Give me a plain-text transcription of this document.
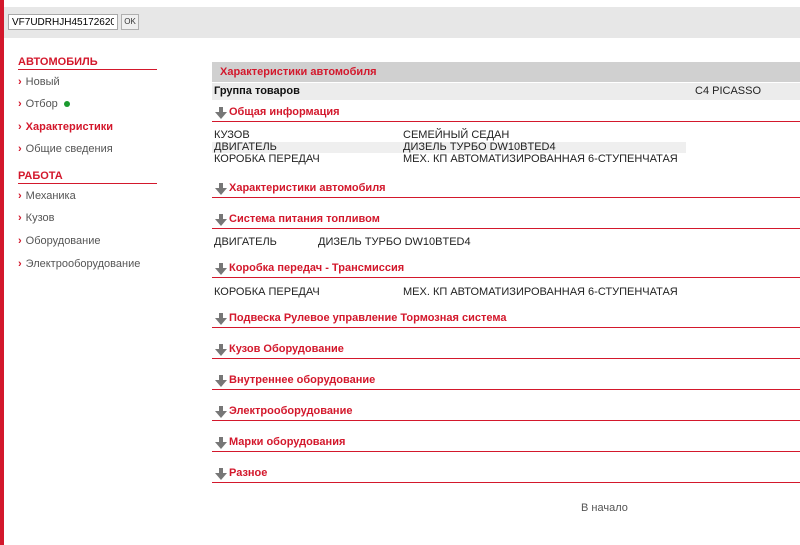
VF7UDRHJH45172620
OK
АВТОМОБИЛЬ
› Новый
› Отбор
› Характеристики
› Общие сведения
РАБОТА
› Механика
› Кузов
› Оборудование
› Электрооборудование
Характеристики автомобиля
Группа товаров	C4 PICASSO
Общая информация
КУЗОВ	СЕМЕЙНЫЙ СЕДАН
ДВИГАТЕЛЬ	ДИЗЕЛЬ ТУРБО DW10BTED4
КОРОБКА ПЕРЕДАЧ	МЕХ. КП АВТОМАТИЗИРОВАННАЯ 6-СТУПЕНЧАТАЯ
Характеристики автомобиля
Система питания топливом
ДВИГАТЕЛЬ	ДИЗЕЛЬ ТУРБО DW10BTED4
Коробка передач - Трансмиссия
КОРОБКА ПЕРЕДАЧ	МЕХ. КП АВТОМАТИЗИРОВАННАЯ 6-СТУПЕНЧАТАЯ
Подвеска Рулевое управление Тормозная система
Кузов Оборудование
Внутреннее оборудование
Электрооборудование
Марки оборудования
Разное
В начало
